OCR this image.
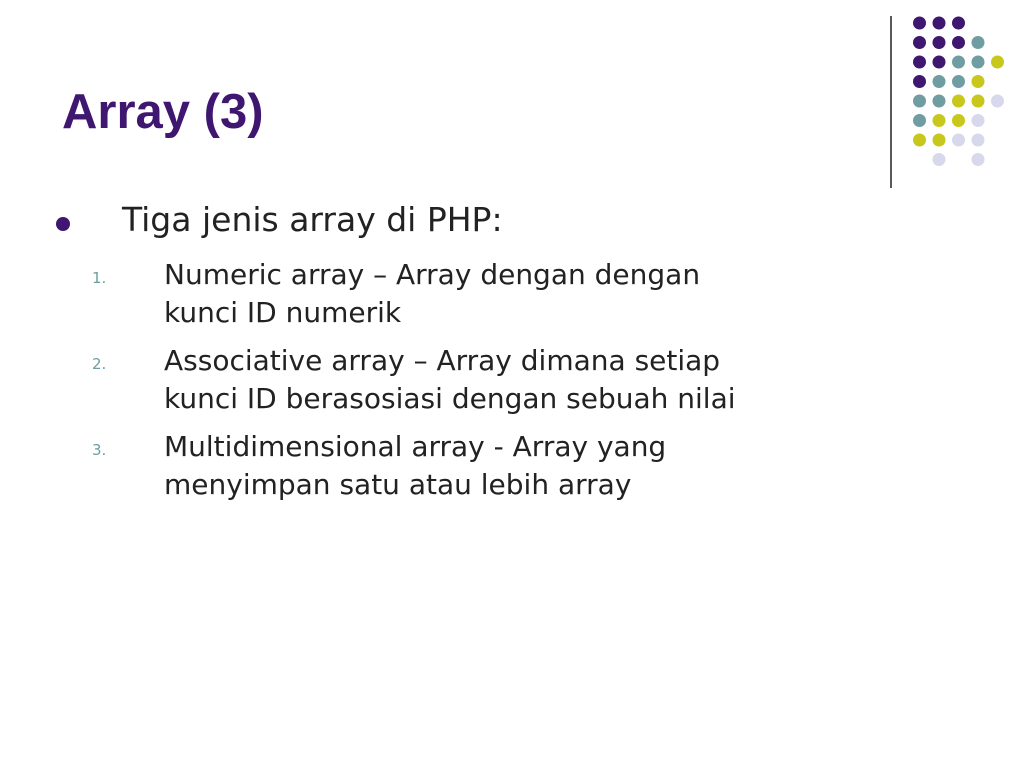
Array (3)
Tiga jenis array di PHP:
1. Numeric array – Array dengan dengan
kunci ID numerik
2. Associative array – Array dimana setiap
kunci ID berasosiasi dengan sebuah nilai
3. Multidimensional array - Array yang
menyimpan satu atau lebih array
